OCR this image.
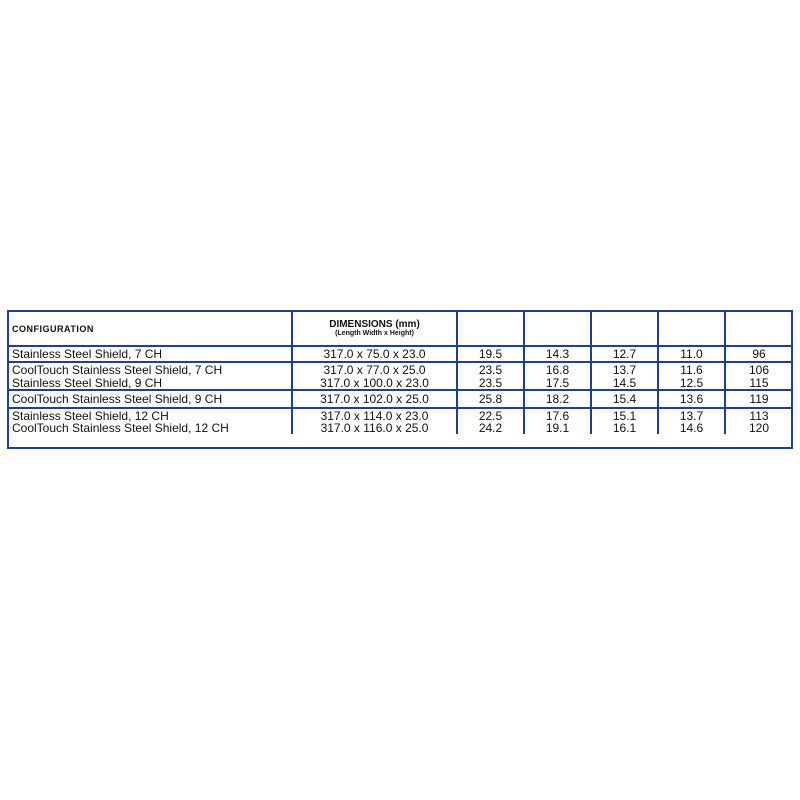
CONFIGURATION	DIMENSIONS (mm)
(Length Width x Height)					

Stainless Steel Shield, 7 CH	317.0 x 75.0 x 23.0	19.5	14.3	12.7	11.0	96
CoolTouch Stainless Steel Shield, 7 CH	317.0 x 77.0 x 25.0	23.5	16.8	13.7	11.6	106
Stainless Steel Shield, 9 CH	317.0 x 100.0 x 23.0	23.5	17.5	14.5	12.5	115
CoolTouch Stainless Steel Shield, 9 CH	317.0 x 102.0 x 25.0	25.8	18.2	15.4	13.6	119
Stainless Steel Shield, 12 CH	317.0 x 114.0 x 23.0	22.5	17.6	15.1	13.7	113
CoolTouch Stainless Steel Shield, 12 CH	317.0 x 116.0 x 25.0	24.2	19.1	16.1	14.6	120
